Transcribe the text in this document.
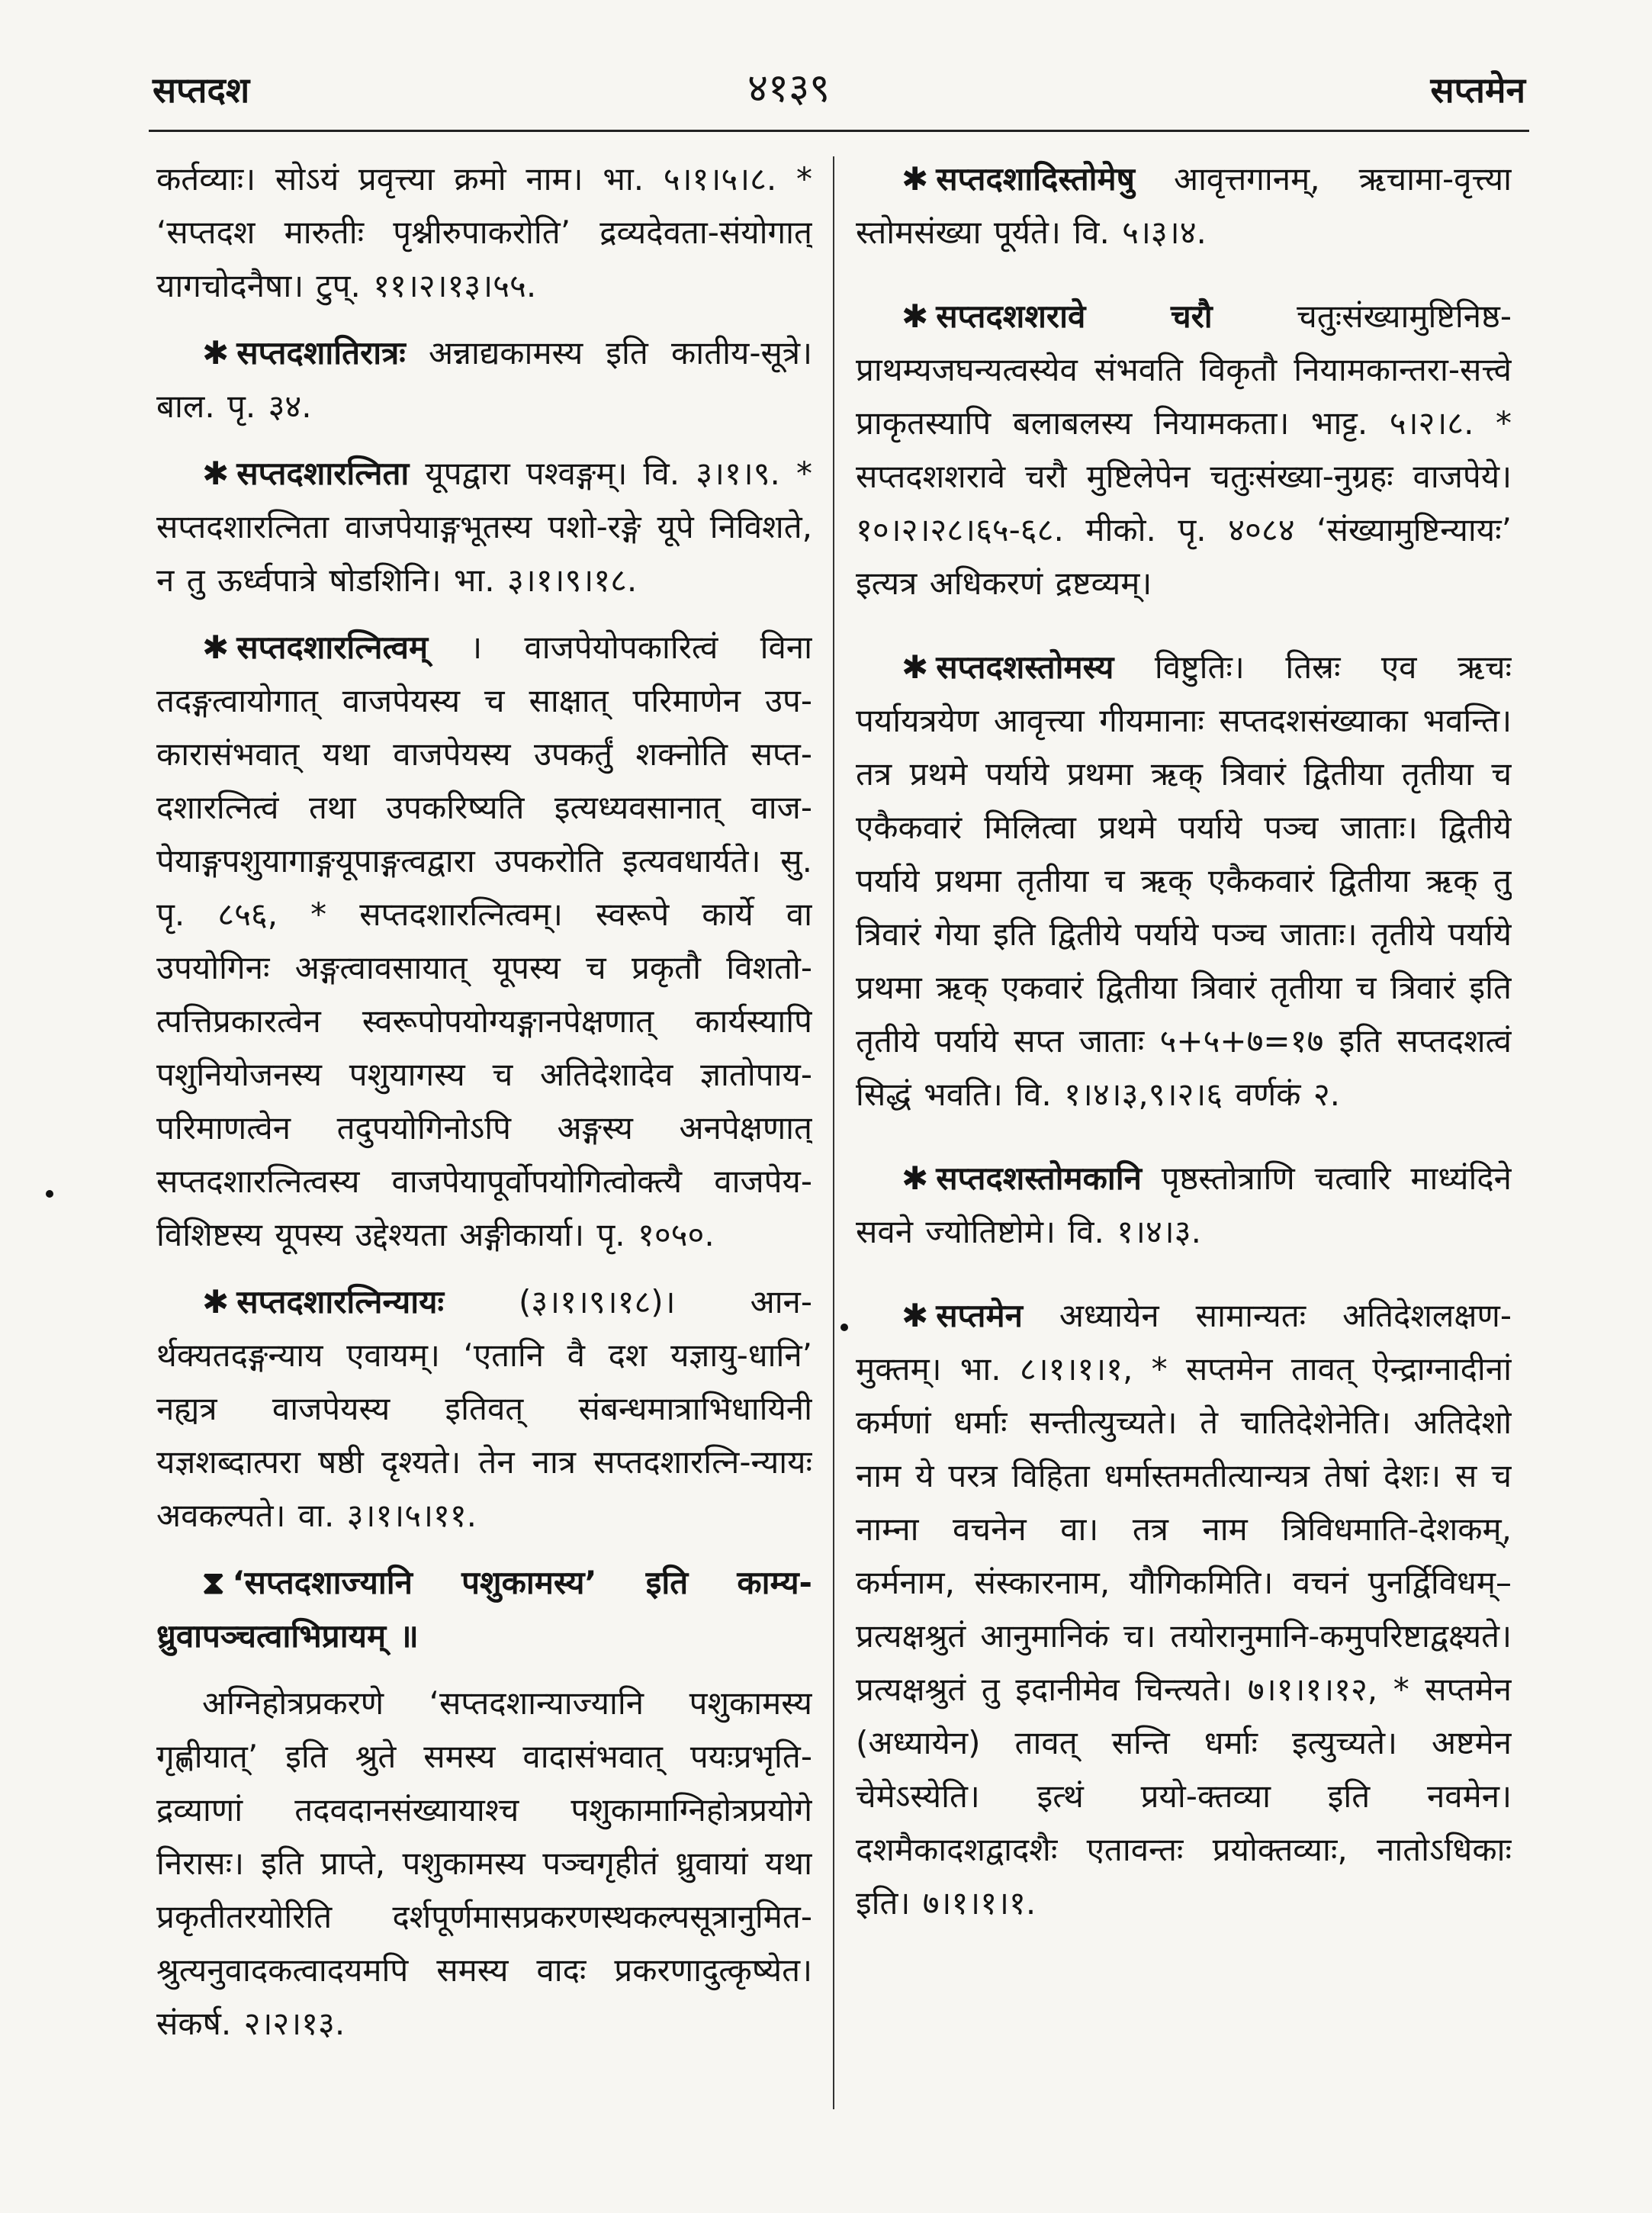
सप्तदश	४१३९	सप्तमेन

कर्तव्याः। सोऽयं प्रवृत्त्या क्रमो नाम। भा. ५।१।५।८. * ‘सप्तदश मारुतीः पृश्नीरुपाकरोति’ द्रव्यदेवता-संयोगात् यागचोदनैषा। टुप्. ११।२।१३।५५.

✱ सप्तदशातिरात्रः अन्नाद्यकामस्य इति कातीय-सूत्रे। बाल. पृ. ३४.

✱ सप्तदशारत्निता यूपद्वारा पश्वङ्गम्। वि. ३।१।९. * सप्तदशारत्निता वाजपेयाङ्गभूतस्य पशो-रङ्गे यूपे निविशते, न तु ऊर्ध्वपात्रे षोडशिनि। भा. ३।१।९।१८.

✱ सप्तदशारत्नित्वम् । वाजपेयोपकारित्वं विना तदङ्गत्वायोगात् वाजपेयस्य च साक्षात् परिमाणेन उप-कारासंभवात् यथा वाजपेयस्य उपकर्तुं शक्नोति सप्त-दशारत्नित्वं तथा उपकरिष्यति इत्यध्यवसानात् वाज-पेयाङ्गपशुयागाङ्गयूपाङ्गत्वद्वारा उपकरोति इत्यवधार्यते। सु. पृ. ८५६, * सप्तदशारत्नित्वम्। स्वरूपे कार्ये वा उपयोगिनः अङ्गत्वावसायात् यूपस्य च प्रकृतौ विशतो-त्पत्तिप्रकारत्वेन स्वरूपोपयोग्यङ्गानपेक्षणात् कार्यस्यापि पशुनियोजनस्य पशुयागस्य च अतिदेशादेव ज्ञातोपाय-परिमाणत्वेन तदुपयोगिनोऽपि अङ्गस्य अनपेक्षणात् सप्तदशारत्नित्वस्य वाजपेयापूर्वोपयोगित्वोक्त्यै वाजपेय-विशिष्टस्य यूपस्य उद्देश्यता अङ्गीकार्या। पृ. १०५०.

✱ सप्तदशारत्निन्यायः (३।१।९।१८)। आन-र्थक्यतदङ्गन्याय एवायम्। ‘एतानि वै दश यज्ञायु-धानि’ नह्यत्र वाजपेयस्य इतिवत् संबन्धमात्राभिधायिनी यज्ञशब्दात्परा षष्ठी दृश्यते। तेन नात्र सप्तदशारत्नि-न्यायः अवकल्पते। वा. ३।१।५।११.

⧗ ‘सप्तदशाज्यानि पशुकामस्य’ इति काम्य-ध्रुवापञ्चत्वाभिप्रायम् ॥

अग्निहोत्रप्रकरणे ‘सप्तदशान्याज्यानि पशुकामस्य गृह्णीयात्’ इति श्रुते समस्य वादासंभवात् पयःप्रभृति-द्रव्याणां तदवदानसंख्यायाश्च पशुकामाग्निहोत्रप्रयोगे निरासः। इति प्राप्ते, पशुकामस्य पञ्चगृहीतं ध्रुवायां यथा प्रकृतीतरयोरिति दर्शपूर्णमासप्रकरणस्थकल्पसूत्रानुमित-श्रुत्यनुवादकत्वादयमपि समस्य वादः प्रकरणादुत्कृष्येत। संकर्ष. २।२।१३.

✱ सप्तदशादिस्तोमेषु आवृत्तगानम्, ऋचामा-वृत्त्या स्तोमसंख्या पूर्यते। वि. ५।३।४.

✱ सप्तदशशरावे चरौ	चतुःसंख्यामुष्टिनिष्ठ-प्राथम्यजघन्यत्वस्येव संभवति विकृतौ नियामकान्तरा-सत्त्वे प्राकृतस्यापि बलाबलस्य नियामकता। भाट्ट. ५।२।८. * सप्तदशशरावे चरौ मुष्टिलेपेन चतुःसंख्या-नुग्रहः वाजपेये। १०।२।२८।६५-६८. मीको. पृ. ४०८४ ‘संख्यामुष्टिन्यायः’ इत्यत्र अधिकरणं द्रष्टव्यम्।

✱ सप्तदशस्तोमस्य विष्टुतिः। तिस्रः एव ऋचः पर्यायत्रयेण आवृत्त्या गीयमानाः सप्तदशसंख्याका भवन्ति। तत्र प्रथमे पर्याये प्रथमा ऋक् त्रिवारं द्वितीया तृतीया च एकैकवारं मिलित्वा प्रथमे पर्याये पञ्च जाताः। द्वितीये पर्याये प्रथमा तृतीया च ऋक् एकैकवारं द्वितीया ऋक् तु त्रिवारं गेया इति द्वितीये पर्याये पञ्च जाताः। तृतीये पर्याये प्रथमा ऋक् एकवारं द्वितीया त्रिवारं तृतीया च त्रिवारं इति तृतीये पर्याये सप्त जाताः ५+५+७=१७ इति सप्तदशत्वं सिद्धं भवति। वि. १।४।३,९।२।६ वर्णकं २.

✱ सप्तदशस्तोमकानि पृष्ठस्तोत्राणि चत्वारि माध्यंदिने सवने ज्योतिष्टोमे। वि. १।४।३.

✱ सप्तमेन अध्यायेन सामान्यतः अतिदेशलक्षण-मुक्तम्। भा. ८।१।१।१, * सप्तमेन तावत् ऐन्द्राग्नादीनां कर्मणां धर्माः सन्तीत्युच्यते। ते चातिदेशेनेति। अतिदेशो नाम ये परत्र विहिता धर्मास्तमतीत्यान्यत्र तेषां देशः। स च नाम्ना वचनेन वा। तत्र नाम त्रिविधमाति-देशकम्, कर्मनाम, संस्कारनाम, यौगिकमिति। वचनं पुनर्द्विविधम्–प्रत्यक्षश्रुतं आनुमानिकं च। तयोरानुमानि-कमुपरिष्टाद्वक्ष्यते। प्रत्यक्षश्रुतं तु इदानीमेव चिन्त्यते। ७।१।१।१२, * सप्तमेन (अध्यायेन) तावत् सन्ति धर्माः इत्युच्यते। अष्टमेन चेमेऽस्येति। इत्थं प्रयो-क्तव्या इति नवमेन। दशमैकादशद्वादशैः एतावन्तः प्रयोक्तव्याः, नातोऽधिकाः इति। ७।१।१।१.
